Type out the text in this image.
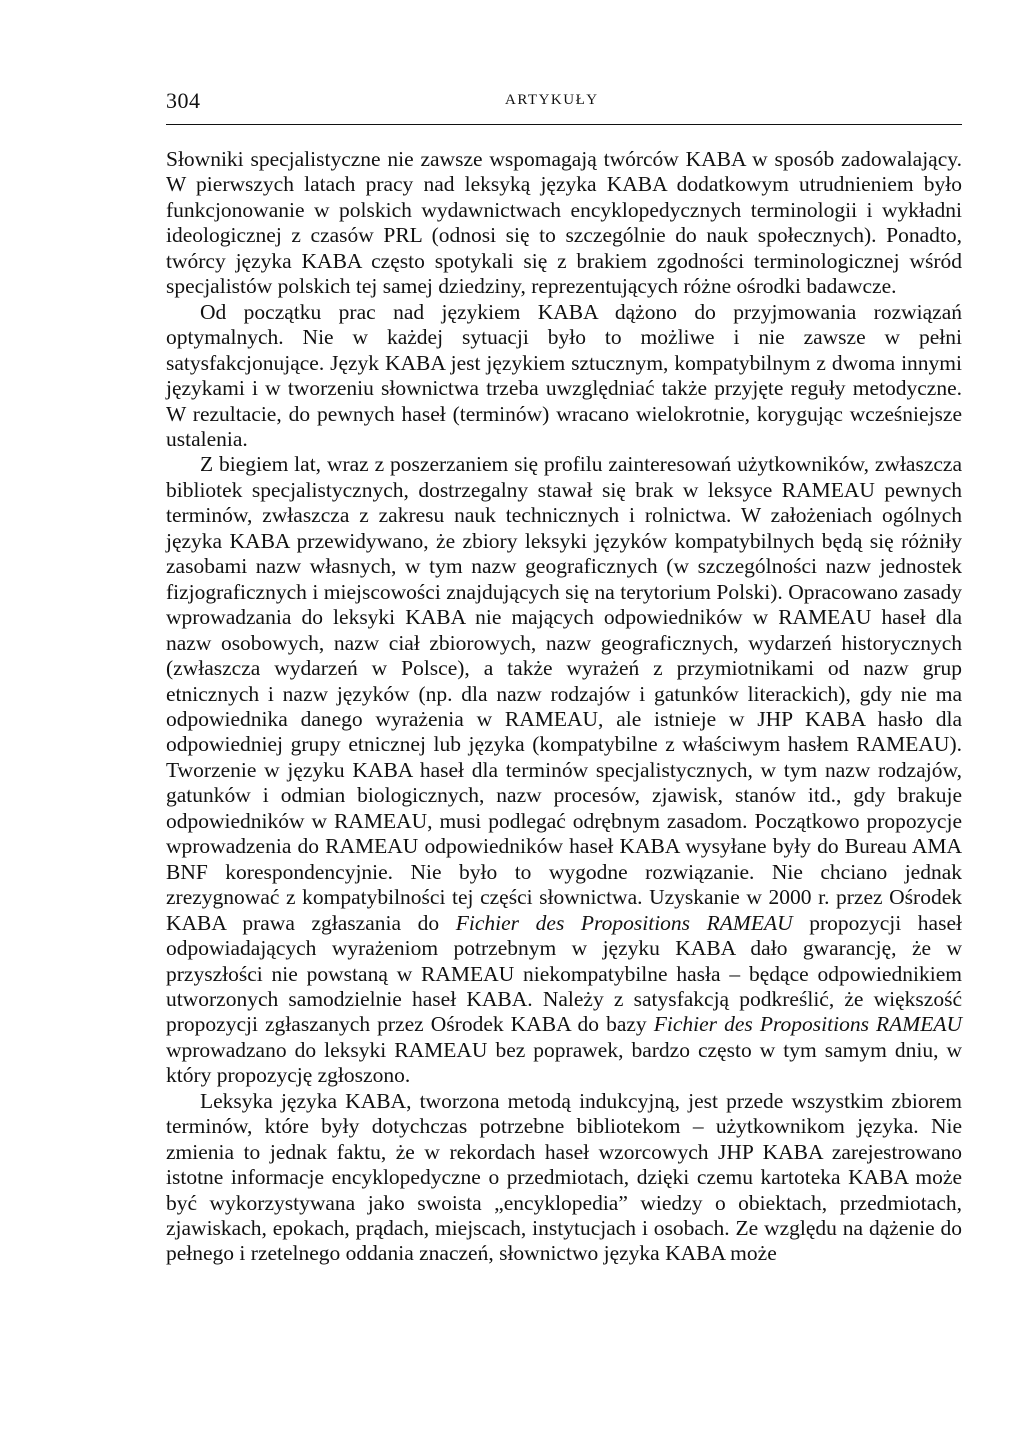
304	ARTYKUŁY

Słowniki specjalistyczne nie zawsze wspomagają twórców KABA w sposób zadowalający. W pierwszych latach pracy nad leksyką języka KABA dodatkowym utrudnieniem było funkcjonowanie w polskich wydawnictwach encyklopedycznych terminologii i wykładni ideologicznej z czasów PRL (odnosi się to szczególnie do nauk społecznych). Ponadto, twórcy języka KABA często spotykali się z brakiem zgodności terminologicznej wśród specjalistów polskich tej samej dziedziny, reprezentujących różne ośrodki badawcze.

Od początku prac nad językiem KABA dążono do przyjmowania rozwiązań optymalnych. Nie w każdej sytuacji było to możliwe i nie zawsze w pełni satysfakcjonujące. Język KABA jest językiem sztucznym, kompatybilnym z dwoma innymi językami i w tworzeniu słownictwa trzeba uwzględniać także przyjęte reguły metodyczne. W rezultacie, do pewnych haseł (terminów) wracano wielokrotnie, korygując wcześniejsze ustalenia.

Z biegiem lat, wraz z poszerzaniem się profilu zainteresowań użytkowników, zwłaszcza bibliotek specjalistycznych, dostrzegalny stawał się brak w leksyce RAMEAU pewnych terminów, zwłaszcza z zakresu nauk technicznych i rolnictwa. W założeniach ogólnych języka KABA przewidywano, że zbiory leksyki języków kompatybilnych będą się różniły zasobami nazw własnych, w tym nazw geograficznych (w szczególności nazw jednostek fizjograficznych i miejscowości znajdujących się na terytorium Polski). Opracowano zasady wprowadzania do leksyki KABA nie mających odpowiedników w RAMEAU haseł dla nazw osobowych, nazw ciał zbiorowych, nazw geograficznych, wydarzeń historycznych (zwłaszcza wydarzeń w Polsce), a także wyrażeń z przymiotnikami od nazw grup etnicznych i nazw języków (np. dla nazw rodzajów i gatunków literackich), gdy nie ma odpowiednika danego wyrażenia w RAMEAU, ale istnieje w JHP KABA hasło dla odpowiedniej grupy etnicznej lub języka (kompatybilne z właściwym hasłem RAMEAU). Tworzenie w języku KABA haseł dla terminów specjalistycznych, w tym nazw rodzajów, gatunków i odmian biologicznych, nazw procesów, zjawisk, stanów itd., gdy brakuje odpowiedników w RAMEAU, musi podlegać odrębnym zasadom. Początkowo propozycje wprowadzenia do RAMEAU odpowiedników haseł KABA wysyłane były do Bureau AMA BNF korespondencyjnie. Nie było to wygodne rozwiązanie. Nie chciano jednak zrezygnować z kompatybilności tej części słownictwa. Uzyskanie w 2000 r. przez Ośrodek KABA prawa zgłaszania do Fichier des Propositions RAMEAU propozycji haseł odpowiadających wyrażeniom potrzebnym w języku KABA dało gwarancję, że w przyszłości nie powstaną w RAMEAU niekompatybilne hasła – będące odpowiednikiem utworzonych samodzielnie haseł KABA. Należy z satysfakcją podkreślić, że większość propozycji zgłaszanych przez Ośrodek KABA do bazy Fichier des Propositions RAMEAU wprowadzano do leksyki RAMEAU bez poprawek, bardzo często w tym samym dniu, w który propozycję zgłoszono.

Leksyka języka KABA, tworzona metodą indukcyjną, jest przede wszystkim zbiorem terminów, które były dotychczas potrzebne bibliotekom – użytkownikom języka. Nie zmienia to jednak faktu, że w rekordach haseł wzorcowych JHP KABA zarejestrowano istotne informacje encyklopedyczne o przedmiotach, dzięki czemu kartoteka KABA może być wykorzystywana jako swoista „encyklopedia” wiedzy o obiektach, przedmiotach, zjawiskach, epokach, prądach, miejscach, instytucjach i osobach. Ze względu na dążenie do pełnego i rzetelnego oddania znaczeń, słownictwo języka KABA może
